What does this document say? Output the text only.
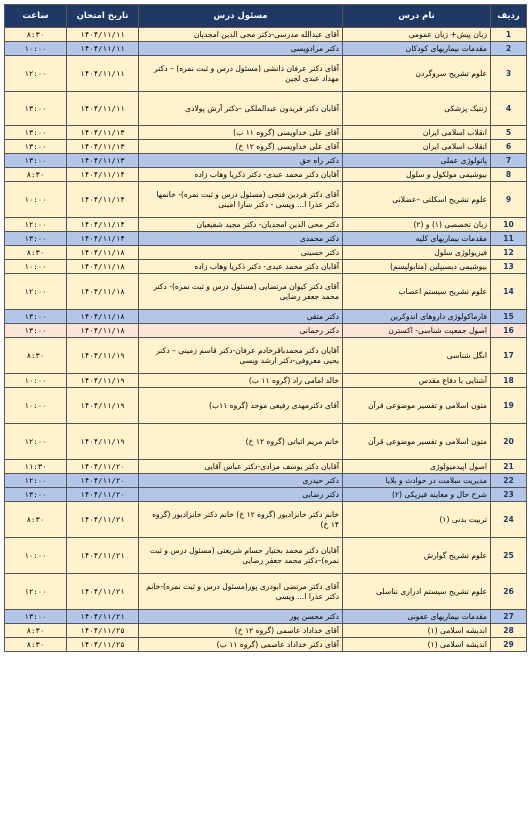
ردیف	نام درس	مسئول درس	تاریخ امتحان	ساعت
1	زبان پیش+ زبان عمومی	آقای عبدالله مدرسی-دکتر محی الدین امجدیان	۱۴۰۴/۱۱/۱۱	۸:۳۰
2	مقدمات بیماریهای کودکان	دکتر مرادویسی	۱۴۰۴/۱۱/۱۱	۱۰:۰۰
3	علوم تشریح سروگردن	آقای دکتر عرفان دانشی (مسئول درس و ثبت نمره) – دکتر مهداد عبدی لجین	۱۴۰۴/۱۱/۱۱	۱۲:۰۰
4	ژنتیک پزشکی	آقایان دکتر فریدون عبدالملکی –دکتر آرش پولادی	۱۴۰۴/۱۱/۱۱	۱۳:۰۰
5	انقلاب اسلامی ایران	آقای علی خداویسی (گروه ۱۱ ب)	۱۴۰۴/۱۱/۱۳	۱۳:۰۰
6	انقلاب اسلامی ایران	آقای علی خداویسی (گروه ۱۲ خ)	۱۴۰۴/۱۱/۱۳	۱۳:۰۰
7	پاتولوژی عملی	دکتر راه حق	۱۴۰۴/۱۱/۱۳	۱۳:۰۰
8	بیوشیمی مولکول و سلول	آقایان دکتر محمد عبدی- دکتر ذکریا وهاب زاده	۱۴۰۴/۱۱/۱۴	۸:۳۰
9	علوم تشریح اسکلتی –عضلانی	آقای دکتر فردین فتحی (مسئول درس و ثبت نمره)- خانمها دکتر عذرا ا... ویسی - دکتر سارا امینی	۱۴۰۴/۱۱/۱۴	۱۰:۰۰
10	زبان تخصصی (۱) و (۲)	دکتر محی الدین امجدیان- دکتر مجید شفیعیان	۱۴۰۴/۱۱/۱۴	۱۲:۰۰
11	مقدمات بیماریهای کلیه	دکتر محمدی	۱۴۰۴/۱۱/۱۴	۱۳:۰۰
12	فیزیولوژی سلول	دکتر حسینی	۱۴۰۴/۱۱/۱۸	۸:۳۰
13	بیوشیمی دیسیپلین (متابولیسم)	آقایان دکتر محمد عبدی- دکتر ذکریا وهاب زاده	۱۴۰۴/۱۱/۱۸	۱۰:۰۰
14	علوم تشریح سیستم اعصاب	آقای دکتر کیوان مرتضایی (مسئول درس و ثبت نمره)- دکتر محمد جعفر رضایی	۱۴۰۴/۱۱/۱۸	۱۲:۰۰
15	فارماکولوژی داروهای اندوکرین	دکتر متقی	۱۴۰۴/۱۱/۱۸	۱۳:۰۰
16	اصول جمعیت شناسی- اکسترن	دکتر رحمانی	۱۴۰۴/۱۱/۱۸	۱۳:۰۰
17	انگل شناسی	آقایان دکتر محمدباقرخادم عرفان-دکتر قاسم زمینی – دکتر یحیی معروفی-دکتر ارشد ویسی	۱۴۰۴/۱۱/۱۹	۸:۳۰
18	آشنایی با دفاع مقدس	خالد امامی راد (گروه ۱۱ ب)	۱۴۰۴/۱۱/۱۹	۱۰:۰۰
19	متون اسلامی و تفسیر موضوعی قرآن	آقای دکترمهدی رفیعی موحد (گروه ۱۱ب)	۱۴۰۴/۱۱/۱۹	۱۰:۰۰
20	متون اسلامی و تفسیر موضوعی قرآن	خانم مریم اثباتی (گروه ۱۲ خ)	۱۴۰۴/۱۱/۱۹	۱۲:۰۰
21	اصول اپیدمیولوژی	آقایان دکتر یوسف مرادی-دکتر عباس آقایی	۱۴۰۴/۱۱/۲۰	۱۱:۳۰
22	مدیریت سلامت در حوادث و بلایا	دکتر حیدری	۱۴۰۴/۱۱/۲۰	۱۲:۰۰
23	شرح حال و معاینه فیزیکی (۲)	دکتر رضایی	۱۴۰۴/۱۱/۲۰	۱۳:۰۰
24	تربیت بدنی (۱)	خانم دکتر خانزادیور (گروه ۱۲ خ) خانم دکتر خانزادیور (گروه ۱۴ خ)	۱۴۰۴/۱۱/۲۱	۸:۳۰
25	علوم تشریح گوارش	آقایان دکتر محمد بختیار حسام شریعتی (مسئول درس و ثبت نمره)–دکتر محمد جعفر رضایی	۱۴۰۴/۱۱/۲۱	۱۰:۰۰
26	علوم تشریح سیستم ادراری تناسلی	آقای دکتر مرتضی ابودری پور(مسئول درس و ثبت نمره)-خانم دکتر عذرا ا... ویسی	۱۴۰۴/۱۱/۲۱	۱۲:۰۰
27	مقدمات بیماریهای عفونی	دکتر محسن پور	۱۴۰۴/۱۱/۲۱	۱۳:۰۰
28	اندیشه اسلامی (۱)	آقای خداداد عاصمی (گروه ۱۲ خ)	۱۴۰۴/۱۱/۲۵	۸:۳۰
29	اندیشه اسلامی (۱)	آقای دکتر خداداد عاصمی (گروه ۱۱ ب)	۱۴۰۴/۱۱/۲۵	۸:۳۰
